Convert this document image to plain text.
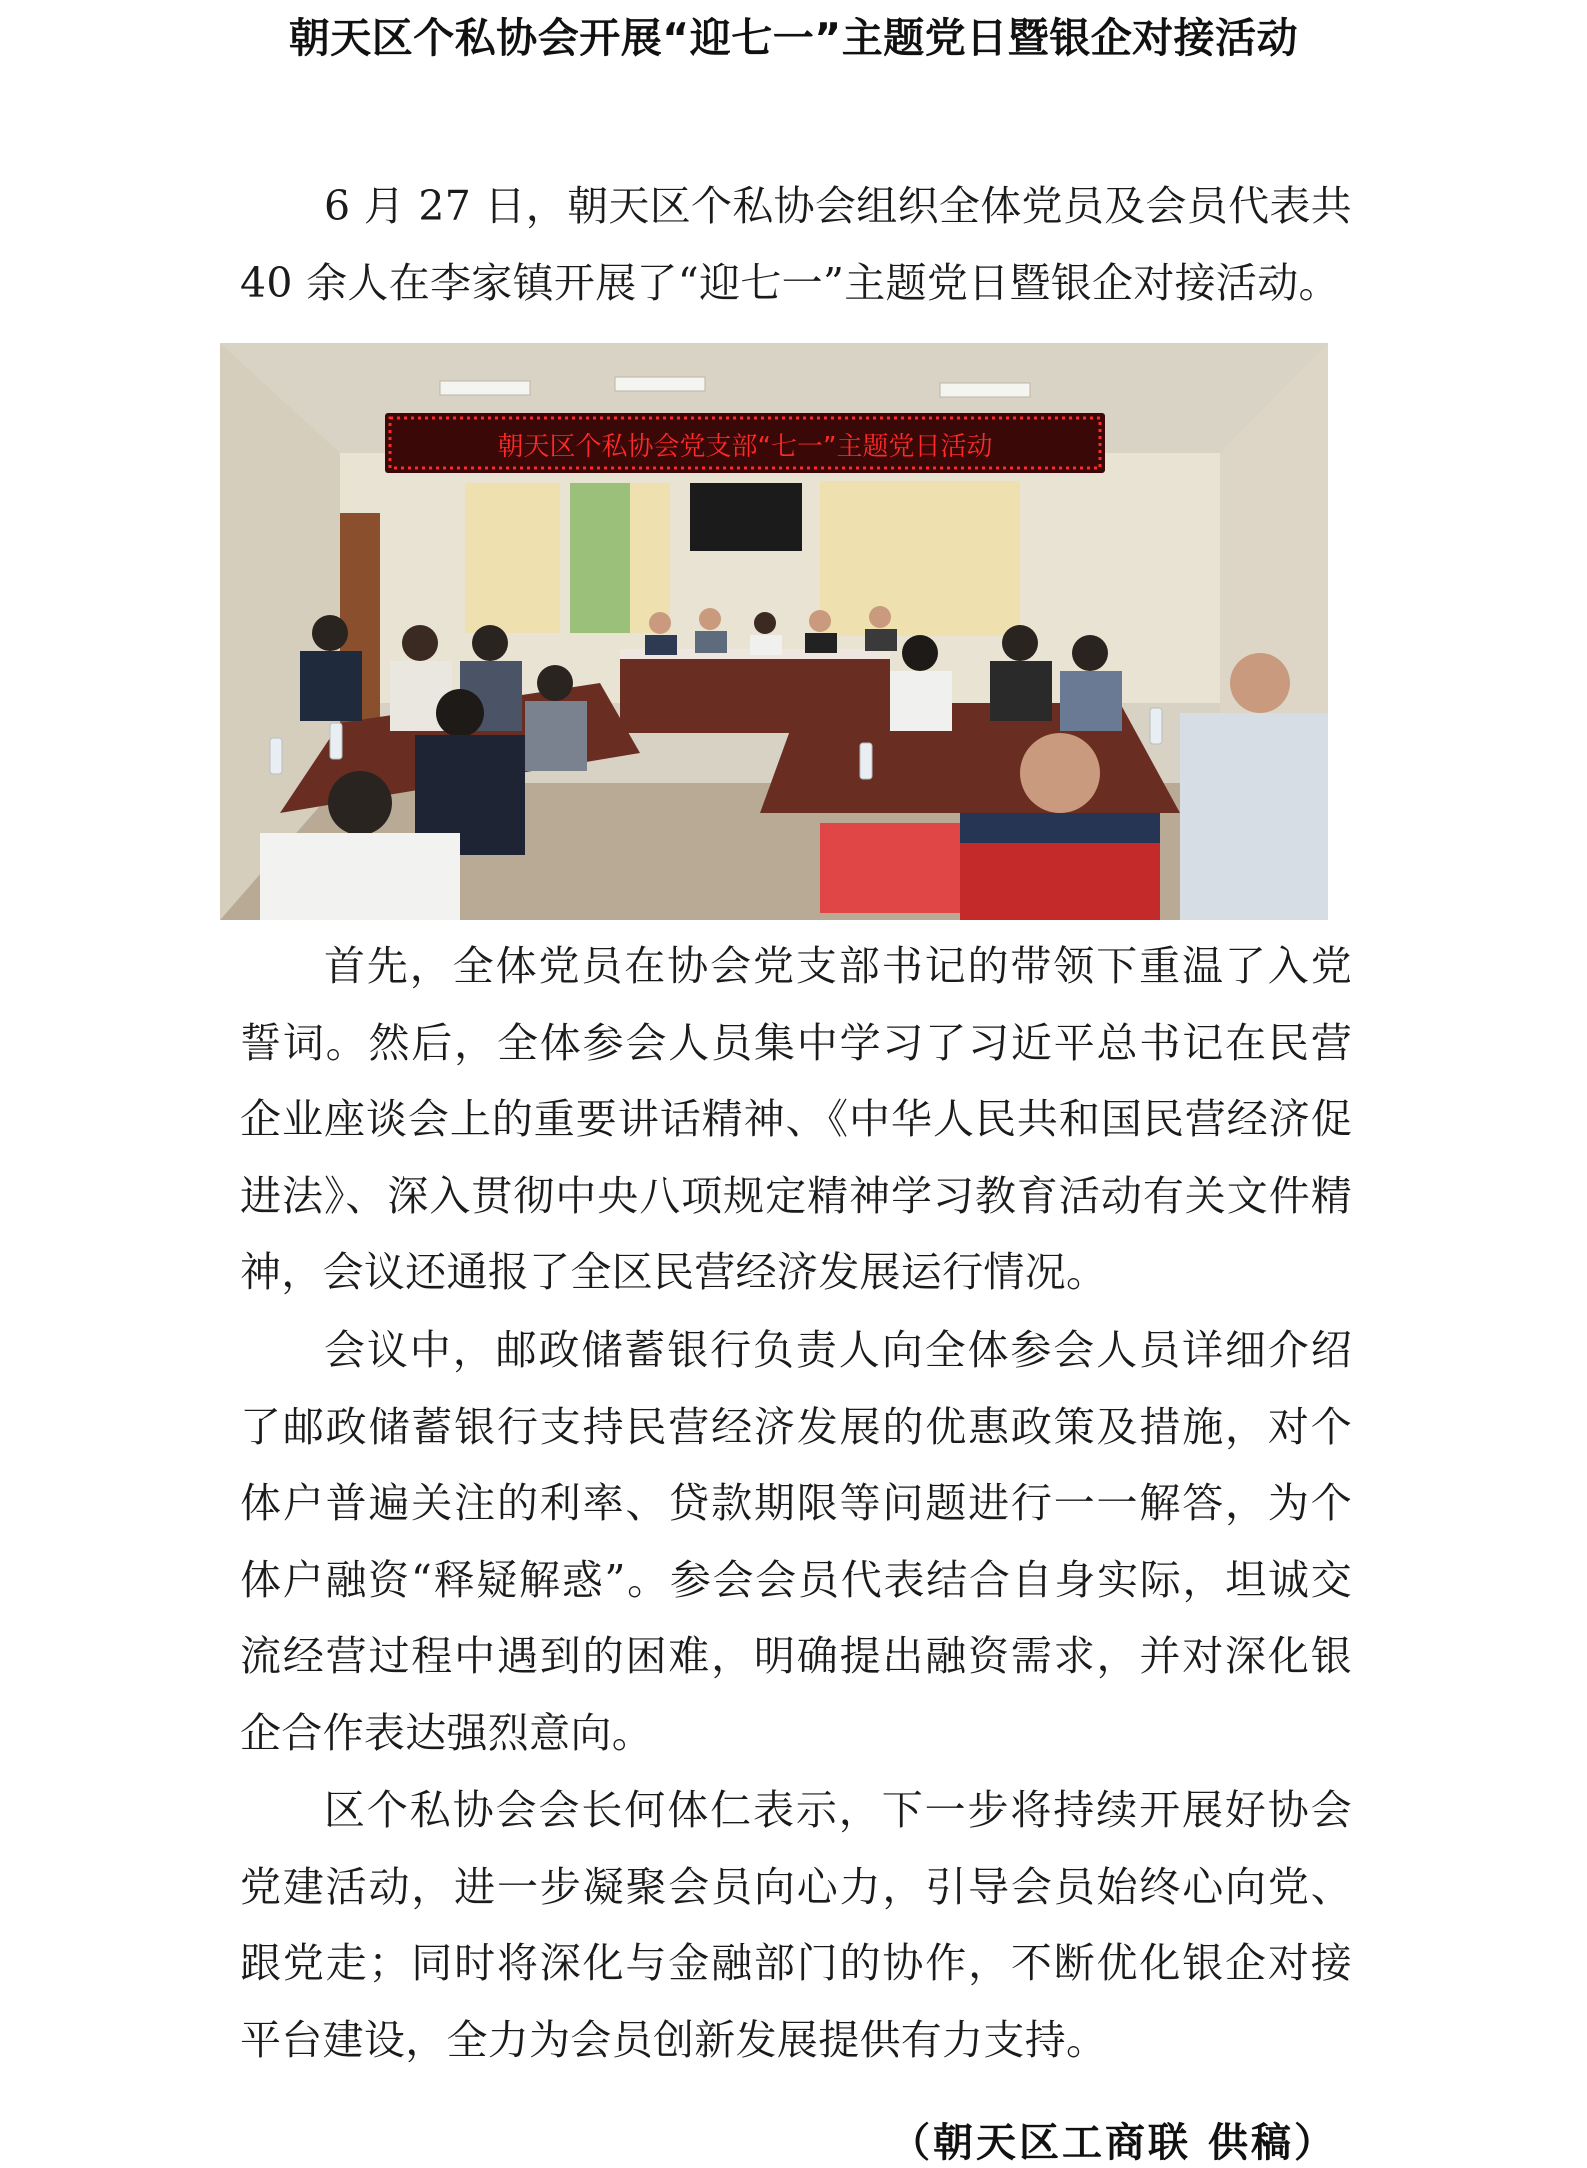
朝天区个私协会开展“迎七一”主题党日暨银企对接活动

6 月 27 日，朝天区个私协会组织全体党员及会员代表共 40 余人在李家镇开展了“迎七一”主题党日暨银企对接活动。

朝天区个私协会党支部“七一”主题党日活动

首先，全体党员在协会党支部书记的带领下重温了入党誓词。然后，全体参会人员集中学习了习近平总书记在民营企业座谈会上的重要讲话精神、《中华人民共和国民营经济促进法》、深入贯彻中央八项规定精神学习教育活动有关文件精神，会议还通报了全区民营经济发展运行情况。

会议中，邮政储蓄银行负责人向全体参会人员详细介绍了邮政储蓄银行支持民营经济发展的优惠政策及措施，对个体户普遍关注的利率、贷款期限等问题进行一一解答，为个体户融资“释疑解惑”。参会会员代表结合自身实际，坦诚交流经营过程中遇到的困难，明确提出融资需求，并对深化银企合作表达强烈意向。

区个私协会会长何体仁表示，下一步将持续开展好协会党建活动，进一步凝聚会员向心力，引导会员始终心向党、跟党走；同时将深化与金融部门的协作，不断优化银企对接平台建设，全力为会员创新发展提供有力支持。

（朝天区工商联 供稿）
